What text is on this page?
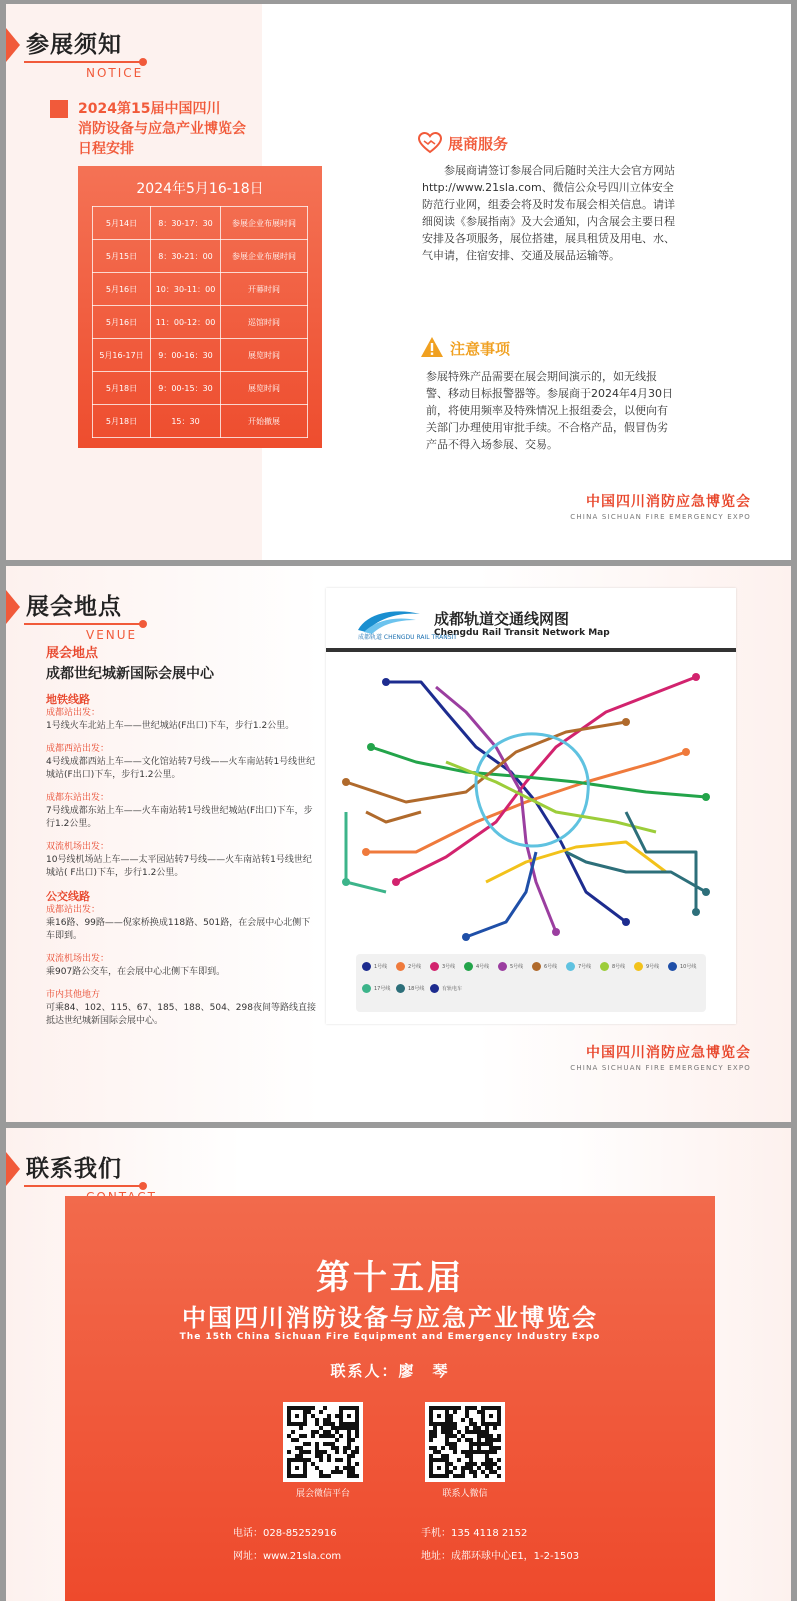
参展须知
NOTICE
2024第15届中国四川
消防设备与应急产业博览会
日程安排
2024年5月16-18日
5月14日	8：30-17：30	参展企业布展时间
5月15日	8：30-21：00	参展企业布展时间
5月16日	10：30-11：00	开幕时间
5月16日	11：00-12：00	巡馆时间
5月16-17日	9：00-16：30	展览时间
5月18日	9：00-15：30	展览时间
5月18日	15：30	开始撤展
展商服务
参展商请签订参展合同后随时关注大会官方网站http://www.21sla.com、微信公众号四川立体安全防范行业网，组委会将及时发布展会相关信息。请详细阅读《参展指南》及大会通知，内含展会主要日程安排及各项服务，展位搭建，展具租赁及用电、水、气申请，住宿安排、交通及展品运输等。
注意事项
参展特殊产品需要在展会期间演示的，如无线报警、移动目标报警器等。参展商于2024年4月30日前，将使用频率及特殊情况上报组委会，以便向有关部门办理使用审批手续。不合格产品，假冒伪劣产品不得入场参展、交易。
中国四川消防应急博览会
CHINA SICHUAN FIRE EMERGENCY EXPO
展会地点
VENUE
展会地点
成都世纪城新国际会展中心
地铁线路
成都站出发：
1号线火车北站上车——世纪城站(F出口)下车，步行1.2公里。
成都西站出发：
4号线成都西站上车——文化馆站转7号线——火车南站转1号线世纪城站(F出口)下车，步行1.2公里。
成都东站出发：
7号线成都东站上车——火车南站转1号线世纪城站(F出口)下车，步行1.2公里。
双流机场出发：
10号线机场站上车——太平园站转7号线——火车南站转1号线世纪城站( F出口)下车，步行1.2公里。
公交线路
成都站出发：
乘16路、99路——倪家桥换成118路、501路，在会展中心北侧下车即到。
双流机场出发：
乘907路公交车，在会展中心北侧下车即到。
市内其他地方
可乘84、102、115、67、185、188、504、298夜间等路线直接抵达世纪城新国际会展中心。
成都轨道 CHENGDU RAIL TRANSIT
成都轨道交通线网图
Chengdu Rail Transit Network Map
1号线	2号线	3号线	4号线	5号线	6号线	7号线	8号线	9号线	10号线
17号线	18号线	有轨电车
中国四川消防应急博览会
CHINA SICHUAN FIRE EMERGENCY EXPO
联系我们
第十五届
中国四川消防设备与应急产业博览会
The 15th China Sichuan Fire Equipment and Emergency Industry Expo
联系人：廖　琴
展会微信平台	联系人微信
电话：028-85252916	手机：135 4118 2152
网址：www.21sla.com	地址：成都环球中心E1，1-2-1503
